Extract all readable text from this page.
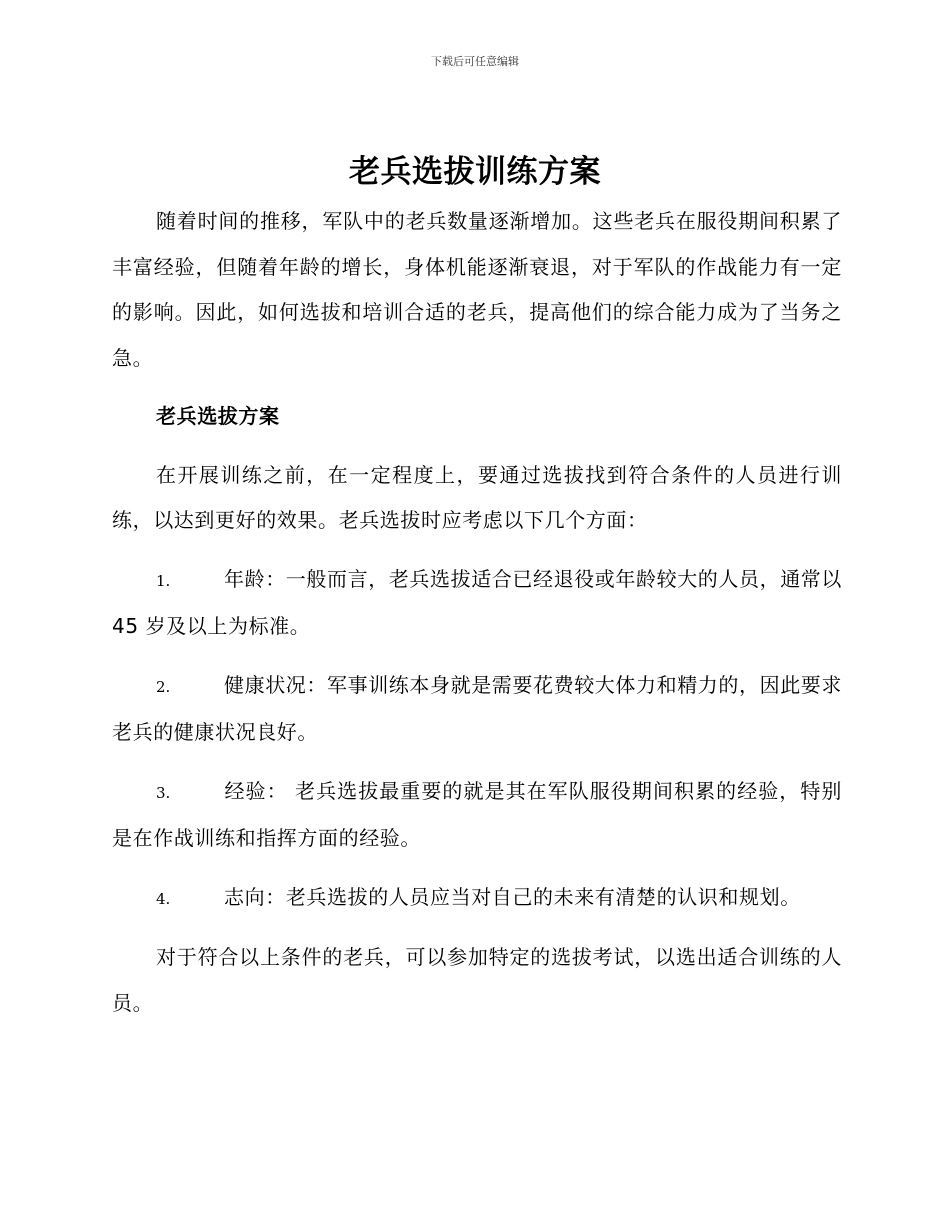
下载后可任意编辑
老兵选拔训练方案

随着时间的推移，军队中的老兵数量逐渐增加。这些老兵在服役期间积累了丰富经验，但随着年龄的增长，身体机能逐渐衰退，对于军队的作战能力有一定的影响。因此，如何选拔和培训合适的老兵，提高他们的综合能力成为了当务之急。

老兵选拔方案

在开展训练之前，在一定程度上，要通过选拔找到符合条件的人员进行训练，以达到更好的效果。老兵选拔时应考虑以下几个方面：

1.	年龄：一般而言，老兵选拔适合已经退役或年龄较大的人员，通常以 45 岁及以上为标准。

2.	健康状况：军事训练本身就是需要花费较大体力和精力的，因此要求老兵的健康状况良好。

3.	经验： 老兵选拔最重要的就是其在军队服役期间积累的经验，特别是在作战训练和指挥方面的经验。

4.	志向：老兵选拔的人员应当对自己的未来有清楚的认识和规划。

对于符合以上条件的老兵，可以参加特定的选拔考试，以选出适合训练的人员。
